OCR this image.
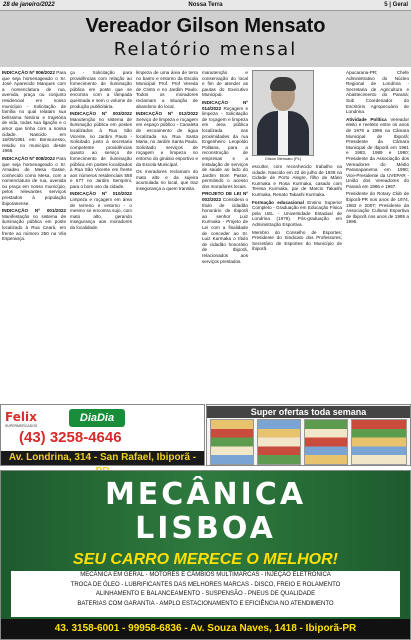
28 de janeiro/2022	Nossa Terra	5 | Geral
Vereador Gilson Mensato
Relatório mensal

INDICAÇÃO Nº 006/2022 Para que seja homenageado o Sr. José Aparecido Marques com a nomenclatura de rua, avenida, praça ou conjunto residencial em nosso município - Solicitação de família no qual relatam sua belíssima história e trajetória de vida, todas sua ligação e o amor que tinha com a nossa cidade. Nascido em 16/09/1951 em Bonsucesso, residiu no município desde 1968.

INDICAÇÃO Nº 008/2022 Para que seja homenageado o Sr. Amadeu de Mesa Gasse, conhecido como Mesa, com a nomenclatura de rua, avenida ou praça em nosso município, pelos relevantes serviços prestados à população ibiporanense.

INDICAÇÃO Nº 001/2022 Manifestação no sistema de iluminação pública em poste localizado à Rua Ceará, em frente ao número 250 na Vila Esperança.

ça - Solicitação para providências com relação ao fornecimento de iluminação pública em poste que se encontra com a lâmpada queimada e sem o volume de produção publicitária.

INDICAÇÃO Nº 003/2022 Manutenção no sistema de iluminação pública em postes localizados à Rua São Vicente, no Jardim Paulo - Solicitado junto à secretaria competente providências quanto ao serviço de fornecimento de iluminação pública em postes localizados à Rua São Vicente em frente aos números residenciais 558 e 577 no Jardim Semprini, para o bom uso da cidade.

INDICAÇÃO Nº 010/2022 Limpeza e roçagem em área de terreno e entorno - o mesmo se encontra sujo, com mato alto, gerando insegurança aos moradores da localidade.

limpeza de uma área de terra no bairro e entorno da Escola Municipal Prof. Prof Vereda de Cristo e no Jardim Paulo. Todos os moradores reclamam a situação de abandono do local.

INDICAÇÃO Nº 012/2022 Serviço de limpeza e roçagem em espaço público - Canaleta de escoamento de água localizada na Rua Santa Maria, no Jardim Santa Paula. Solicitado serviços de roçagem e limpeza no entorno do ginásio esportivo e da Escola Municipal.

Os moradores reclamam do mato alto e da sujeira acumulada no local, que traz insegurança a quem transita.

manutenção e conservação do local e fim de atender as pautas do Executivo Municipal.

INDICAÇÃO Nº 014/2022 Roçagem e limpeza - Solicitação de roçagem e limpeza em área pública localizada nas proximidades da rua Engenheiro Leopoldo Politana, para a reconstrução de empresas e a instalação de serviços de saúde ao lado do Jardim Bom Pastor, permitindo o acesso dos moradores locais.

PROJETO DE LEI Nº 002/2022 Considera o título de cidadão honorário de Ibiporã ao senhor Luiz Kurmaka - Projeto de Lei com a finalidade de conceder ao Sr. Luiz Kurmaka o título de cidadão honorário de Ibiporã, relacionados aos serviços prestados.

escultor, com reconhecido trabalho na cidade. Nascido em 22 de julho de 1939 na Cidade de Porto Alegre, filho de Mário Kurmaka e Rosa Kurmaka, casado com Teresa Kurmaka, pai de Marcio Takashi Kurmaka, Renato Takashi Kurmaka.

Formação educacional Ensino Superior Completo - Graduação em Educação Física pela UEL - Universidade Estadual de Londrina (1976). Pós-graduação em Administração Esportiva.

Membro do Conselho de Esportes; Presidente do Sindicato dos Professores; Secretário de Esportes do Município de Ibiporã.

Apucarana-PR; Chefe Administrativo do Núcleo Regional de Londrina - Secretaria de Agricultura e Abastecimento do Paraná; Sub Coordenador do Escritório Agropecuário de Londrina.

Atividade Política Vereador eleito e reeleito entre os anos de 1976 a 1996 na Câmara Municipal de Ibiporã; Presidente da Câmara Municipal de Ibiporã em 1981 e 1983, 1989 e 1990; Presidente da Associação dos Vereadores do Médio Paranapanema em 1990; Vice-Presidente da UVEPAR - União dos Vereadores do Paraná em 1986 e 1997.

Presidente do Rotary Club de Ibiporã-PR nos anos de 1974, 1983 e 2007; Presidente da Associação Cultural Esportiva de Ibiporã nos anos de 1995 a 1996.

Gilson Mensato (PL)
Felix
SUPERMERCADOS
DiaDia
(43) 3258-4646
Av. Londrina, 314 - San Rafael, Ibiporã -
Super ofertas toda semana
MECÂNICA
LISBOA
SEU CARRO MERECE O MELHOR!
MECÂNICA EM GERAL - MOTORES E CÂMBIOS MULTIMARCAS - INJEÇÃO ELETRÔNICA
TROCA DE ÓLEO - LUBRIFICANTES DAS MELHORES MARCAS - DISCO, FREIO E ROLAMENTO
ALINHAMENTO E BALANCEAMENTO - SUSPENSÃO - PNEUS DE QUALIDADE
BATERIAS COM GARANTIA - AMPLO ESTACIONAMENTO E EFICIÊNCIA NO ATENDIMENTO
43. 3158-6001 - 99958-6836 - Av. Souza Naves, 1418 - Ibiporã-PR
